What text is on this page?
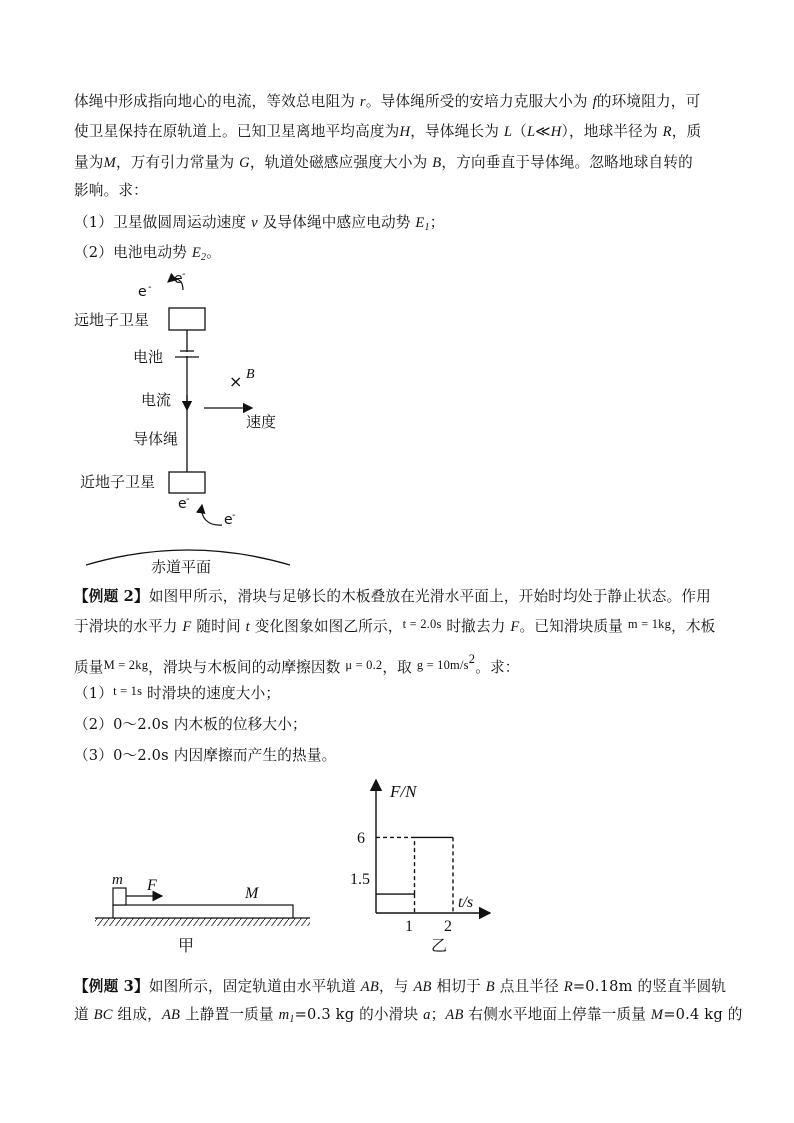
体绳中形成指向地心的电流，等效总电阻为 r。导体绳所受的安培力克服大小为 f的环境阻力，可
使卫星保持在原轨道上。已知卫星离地平均高度为H，导体绳长为 L（L≪H），地球半径为 R，质
量为M，万有引力常量为 G，轨道处磁感应强度大小为 B，方向垂直于导体绳。忽略地球自转的
影响。求：
（1）卫星做圆周运动速度 v 及导体绳中感应电动势 $E_1$；
（2）电池电动势 $E_2$。
e -
e -
远地子卫星
电池
电流
× B
速度
导体绳
近地子卫星
e -
e -
赤道平面
【例题 2】如图甲所示，滑块与足够长的木板叠放在光滑水平面上，开始时均处于静止状态。作用
于滑块的水平力 F 随时间 t 变化图象如图乙所示，t = 2.0s 时撤去力 F。已知滑块质量 m = 1kg，木板
质量M = 2kg，滑块与木板间的动摩擦因数 μ = 0.2，取 g = 10m/s2。求：
（1）t = 1s 时滑块的速度大小；
（2）0～2.0s 内木板的位移大小；
（3）0～2.0s 内因摩擦而产生的热量。
m F	M
甲
F/N
t/s
6
1.5
1 2
乙
【例题 3】如图所示，固定轨道由水平轨道 AB，与 AB 相切于 B 点且半径 R=0.18m 的竖直半圆轨
道 BC 组成，AB 上静置一质量 $m_1=0.3$ kg 的小滑块 a；AB 右侧水平地面上停靠一质量 M=0.4 kg 的
